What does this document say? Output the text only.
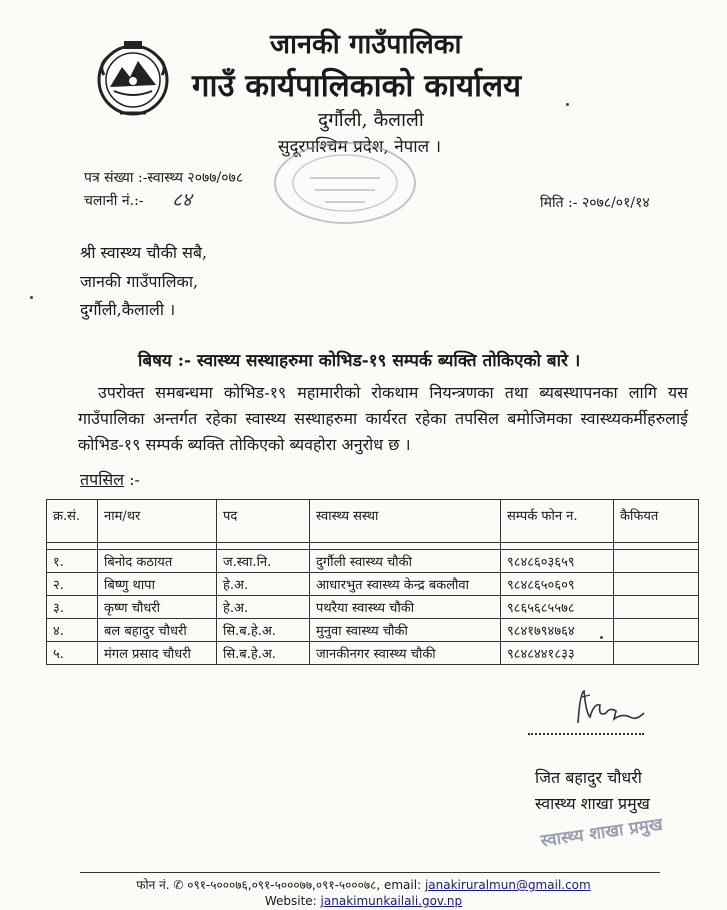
जानकी गाउँपालिका
गाउँ कार्यपालिकाको कार्यालय
दुर्गौली, कैलाली
सुदूरपश्चिम प्रदेश, नेपाल ।
पत्र संख्या :-स्वास्थ्य २०७७/०७८
चलानी नं.:- ८४	मिति :- २०७८/०१/१४
श्री स्वास्थ्य चौकी सबै,
जानकी गाउँपालिका,
दुर्गौली,कैलाली ।
बिषय :- स्वास्थ्य सस्थाहरुमा कोभिड-१९ सम्पर्क ब्यक्ति तोकिएको बारे ।
उपरोक्त समबन्धमा कोभिड-१९ महामारीको रोकथाम नियन्त्रणका तथा ब्यबस्थापनका लागि यस गाउँपालिका अन्तर्गत रहेका स्वास्थ्य सस्थाहरुमा कार्यरत रहेका तपसिल बमोजिमका स्वास्थ्यकर्मीहरुलाई कोभिड-१९ सम्पर्क ब्यक्ति तोकिएको ब्यवहोरा अनुरोध छ ।
तपसिल :-
क्र.सं.	नाम/थर	पद	स्वास्थ्य सस्था	सम्पर्क फोन न.	कैफियत

१.	बिनोद कठायत	ज.स्वा.नि.	दुर्गौली स्वास्थ्य चौकी	९८४८६०३६५९	
२.	बिष्णु थापा	हे.अ.	आधारभुत स्वास्थ्य केन्द्र बकलौवा	९८४८६५०६०९	
३.	कृष्ण चौधरी	हे.अ.	पथरैया स्वास्थ्य चौकी	९८६५६८५५७८	
४.	बल बहादुर चौधरी	सि.ब.हे.अ.	मुनुवा स्वास्थ्य चौकी	९८४१७९४७६४	
५.	मंगल प्रसाद चौधरी	सि.ब.हे.अ.	जानकीनगर स्वास्थ्य चौकी	९८४८४४१८३३	
जित बहादुर चौधरी
स्वास्थ्य शाखा प्रमुख
स्वास्थ्य शाखा प्रमुख
फोन नं. ✆ ०९१-५०००७६,०९१-५०००७७,०९१-५०००७८, email: janakiruralmun@gmail.com
Website: janakimunkailali.gov.np
